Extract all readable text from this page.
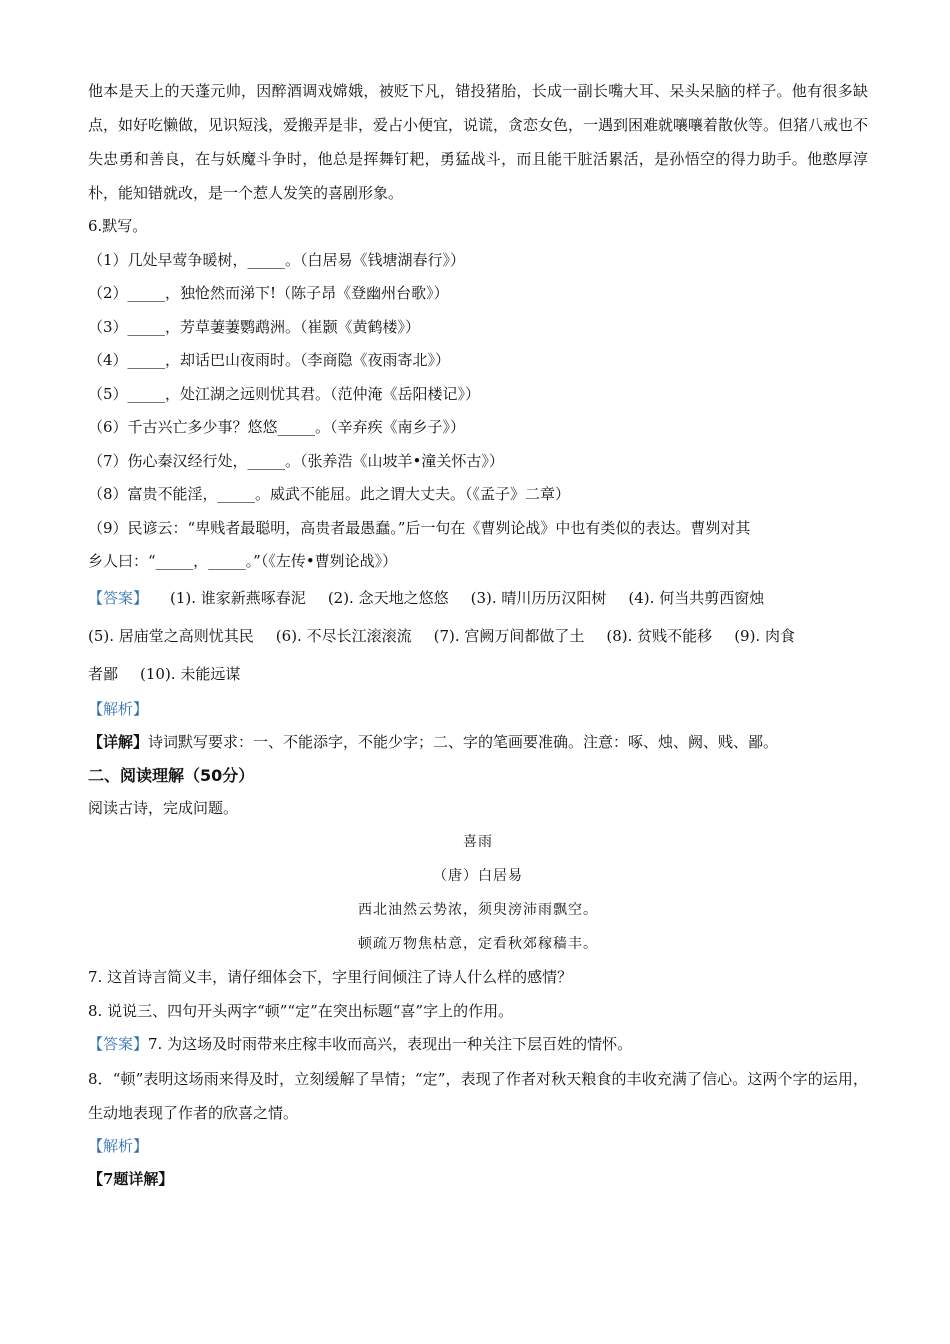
他本是天上的天蓬元帅，因醉酒调戏嫦娥，被贬下凡，错投猪胎，长成一副长嘴大耳、呆头呆脑的样子。他有很多缺点，如好吃懒做，见识短浅，爱搬弄是非，爱占小便宜，说谎，贪恋女色，一遇到困难就嚷嚷着散伙等。但猪八戒也不失忠勇和善良，在与妖魔斗争时，他总是挥舞钉耙，勇猛战斗，而且能干脏活累活，是孙悟空的得力助手。他憨厚淳朴，能知错就改，是一个惹人发笑的喜剧形象。

6.默写。

（1）几处早莺争暖树，_____。（白居易《钱塘湖春行》）

（2）_____，独怆然而涕下!（陈子昂《登幽州台歌》）

（3）_____，芳草萋萋鹦鹉洲。（崔颢《黄鹤楼》）

（4）_____，却话巴山夜雨时。（李商隐《夜雨寄北》）

（5）_____，处江湖之远则忧其君。（范仲淹《岳阳楼记》）

（6）千古兴亡多少事？悠悠_____。（辛弃疾《南乡子》）

（7）伤心秦汉经行处，_____。（张养浩《山坡羊•潼关怀古》）

（8）富贵不能淫，_____。威武不能屈。此之谓大丈夫。（《孟子》二章）

（9）民谚云：“卑贱者最聪明，高贵者最愚蠢。”后一句在《曹刿论战》中也有类似的表达。曹刿对其

乡人曰：“_____，_____。”（《左传•曹刿论战》）

【答案】 (1). 谁家新燕啄春泥 (2). 念天地之悠悠 (3). 晴川历历汉阳树 (4). 何当共剪西窗烛
(5). 居庙堂之高则忧其民 (6). 不尽长江滚滚流 (7). 宫阙万间都做了土 (8). 贫贱不能移 (9). 肉食
者鄙 (10). 未能远谋

【解析】

【详解】诗词默写要求：一、不能添字，不能少字；二、字的笔画要准确。注意：啄、烛、阙、贱、鄙。

二、阅读理解（50分）

阅读古诗，完成问题。

喜雨

（唐）白居易

西北油然云势浓，须臾滂沛雨飘空。

顿疏万物焦枯意，定看秋郊稼穑丰。

7. 这首诗言简义丰，请仔细体会下，字里行间倾注了诗人什么样的感情？

8. 说说三、四句开头两字“顿”“定”在突出标题“喜”字上的作用。

【答案】7. 为这场及时雨带来庄稼丰收而高兴，表现出一种关注下层百姓的情怀。

8．“顿”表明这场雨来得及时，立刻缓解了旱情；“定”，表现了作者对秋天粮食的丰收充满了信心。这两个字的运用，生动地表现了作者的欣喜之情。

【解析】

【7题详解】
